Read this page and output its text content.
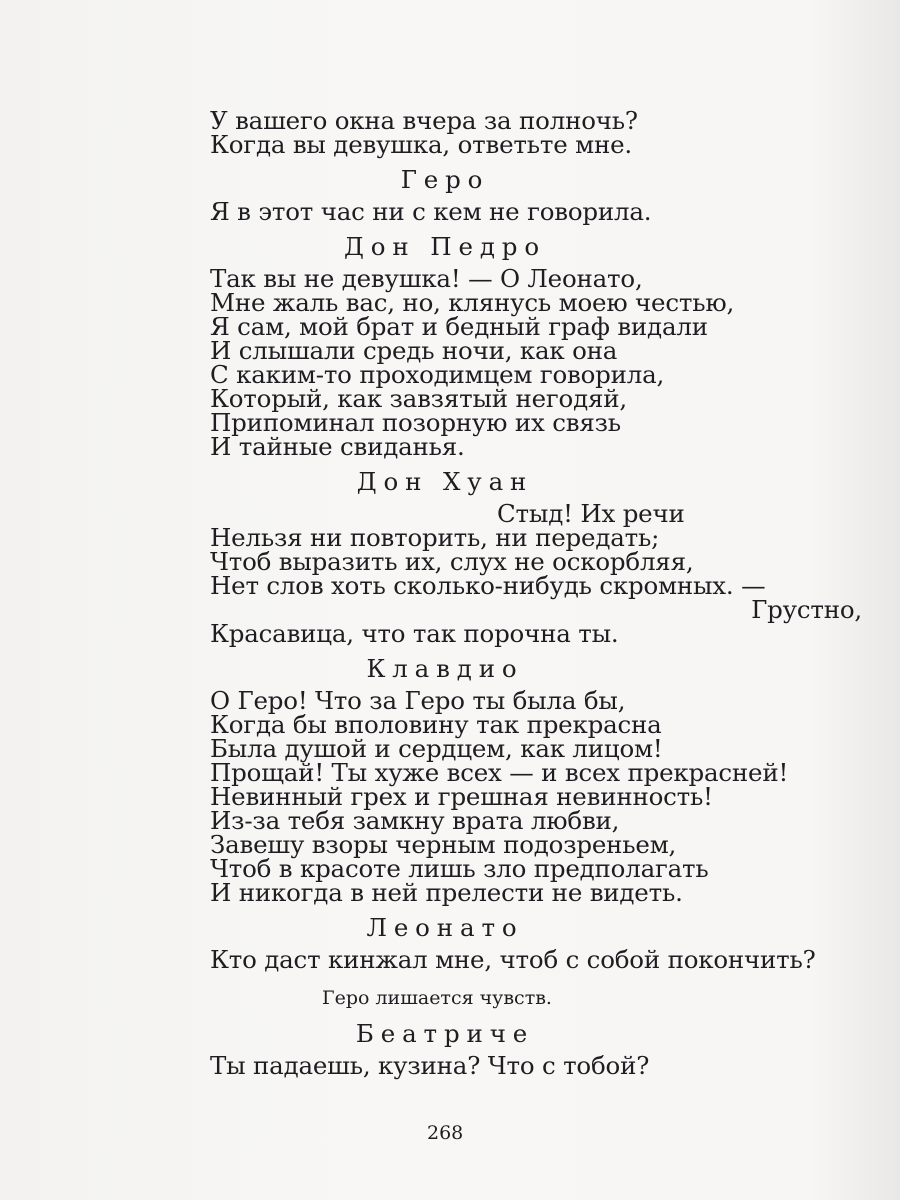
У вашего окна вчера за полночь?
Когда вы девушка, ответьте мне.
Геро
Я в этот час ни с кем не говорила.
Дон Педро
Так вы не девушка! — О Леонато,
Мне жаль вас, но, клянусь моею честью,
Я сам, мой брат и бедный граф видали
И слышали средь ночи, как она
С каким-то проходимцем говорила,
Который, как завзятый негодяй,
Припоминал позорную их связь
И тайные свиданья.
Дон Хуан
Стыд! Их речи
Нельзя ни повторить, ни передать;
Чтоб выразить их, слух не оскорбляя,
Нет слов хоть сколько-нибудь скромных. —
Грустно,
Красавица, что так порочна ты.
Клавдио
О Геро! Что за Геро ты была бы,
Когда бы вполовину так прекрасна
Была душой и сердцем, как лицом!
Прощай! Ты хуже всех — и всех прекрасней!
Невинный грех и грешная невинность!
Из-за тебя замкну врата любви,
Завешу взоры черным подозреньем,
Чтоб в красоте лишь зло предполагать
И никогда в ней прелести не видеть.
Леонато
Кто даст кинжал мне, чтоб с собой покончить?
Геро лишается чувств.
Беатриче
Ты падаешь, кузина? Что с тобой?
268
